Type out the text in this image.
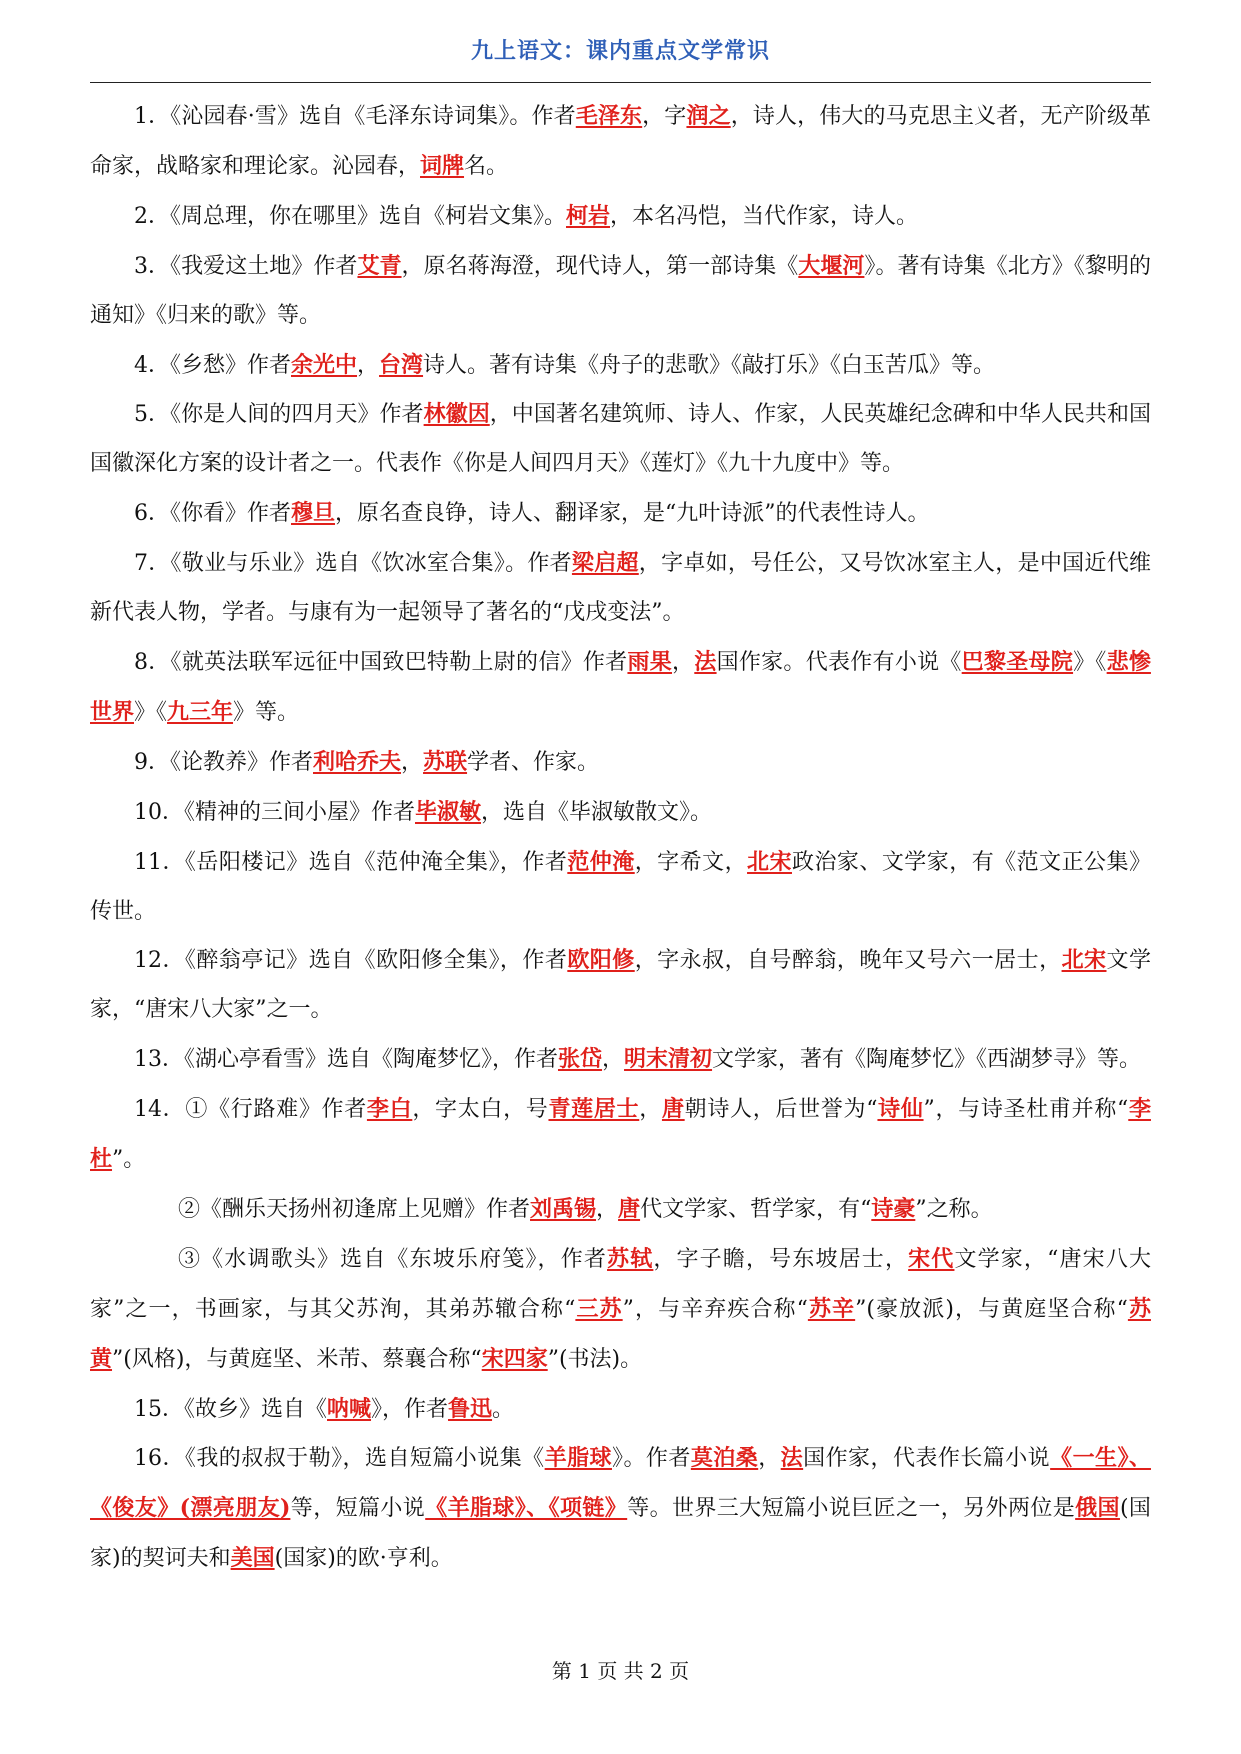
九上语文：课内重点文学常识

1．《沁园春·雪》选自《毛泽东诗词集》。作者毛泽东，字润之，诗人，伟大的马克思主义者，无产阶级革命家，战略家和理论家。沁园春，词牌名。

2．《周总理，你在哪里》选自《柯岩文集》。柯岩，本名冯恺，当代作家，诗人。

3．《我爱这土地》作者艾青，原名蒋海澄，现代诗人，第一部诗集《大堰河》。著有诗集《北方》《黎明的通知》《归来的歌》等。

4．《乡愁》作者余光中，台湾诗人。著有诗集《舟子的悲歌》《敲打乐》《白玉苦瓜》等。

5．《你是人间的四月天》作者林徽因，中国著名建筑师、诗人、作家，人民英雄纪念碑和中华人民共和国国徽深化方案的设计者之一。代表作《你是人间四月天》《莲灯》《九十九度中》等。

6．《你看》作者穆旦，原名查良铮，诗人、翻译家，是“九叶诗派”的代表性诗人。

7．《敬业与乐业》选自《饮冰室合集》。作者梁启超，字卓如，号任公，又号饮冰室主人，是中国近代维新代表人物，学者。与康有为一起领导了著名的“戊戌变法”。

8．《就英法联军远征中国致巴特勒上尉的信》作者雨果，法国作家。代表作有小说《巴黎圣母院》《悲惨世界》《九三年》等。

9．《论教养》作者利哈乔夫，苏联学者、作家。

10．《精神的三间小屋》作者毕淑敏，选自《毕淑敏散文》。

11．《岳阳楼记》选自《范仲淹全集》，作者范仲淹，字希文，北宋政治家、文学家，有《范文正公集》传世。

12．《醉翁亭记》选自《欧阳修全集》，作者欧阳修，字永叔，自号醉翁，晚年又号六一居士，北宋文学家，“唐宋八大家”之一。

13．《湖心亭看雪》选自《陶庵梦忆》，作者张岱，明末清初文学家，著有《陶庵梦忆》《西湖梦寻》等。

14．①《行路难》作者李白，字太白，号青莲居士，唐朝诗人，后世誉为“诗仙”，与诗圣杜甫并称“李杜”。

②《酬乐天扬州初逢席上见赠》作者刘禹锡，唐代文学家、哲学家，有“诗豪”之称。

③《水调歌头》选自《东坡乐府笺》，作者苏轼，字子瞻，号东坡居士，宋代文学家，“唐宋八大家”之一，书画家，与其父苏洵，其弟苏辙合称“三苏”，与辛弃疾合称“苏辛”(豪放派)，与黄庭坚合称“苏黄”(风格)，与黄庭坚、米芾、蔡襄合称“宋四家”(书法)。

15．《故乡》选自《呐喊》，作者鲁迅。

16．《我的叔叔于勒》，选自短篇小说集《羊脂球》。作者莫泊桑，法国作家，代表作长篇小说《一生》、《俊友》(漂亮朋友)等，短篇小说《羊脂球》、《项链》等。世界三大短篇小说巨匠之一，另外两位是俄国(国家)的契诃夫和美国(国家)的欧·亨利。

第 1 页 共 2 页
